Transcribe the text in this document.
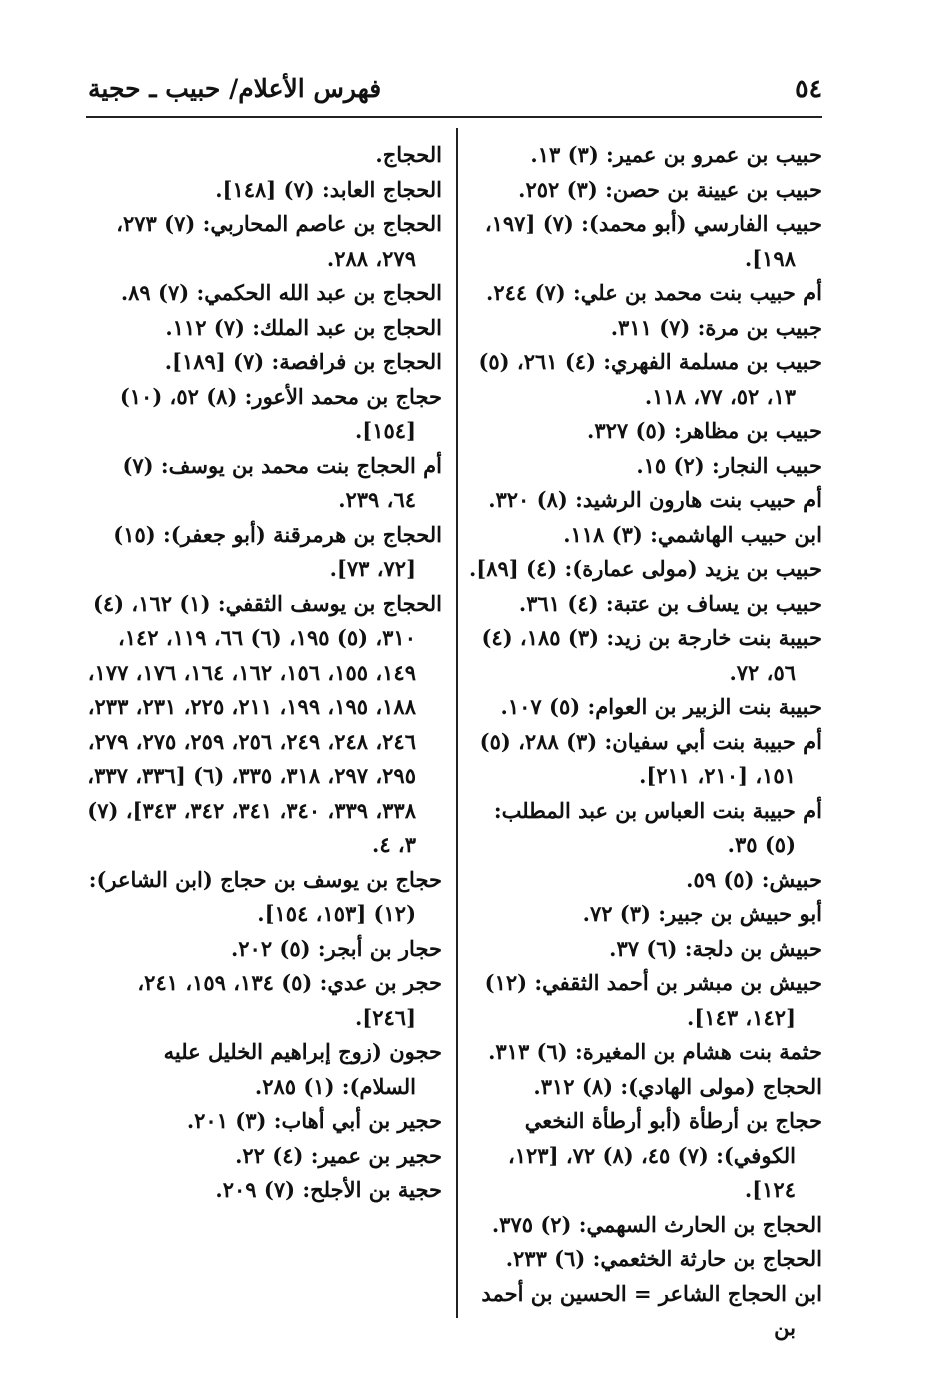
٥٤
فهرس الأعلام/ حبيب ـ حجية
حبيب بن عمرو بن عمير: (٣) ١٣.
حبيب بن عيينة بن حصن: (٣) ٢٥٢.
حبيب الفارسي (أبو محمد): (٧) [١٩٧، ١٩٨].
أم حبيب بنت محمد بن علي: (٧) ٢٤٤.
جبيب بن مرة: (٧) ٣١١.
حبيب بن مسلمة الفهري: (٤) ٢٦١، (٥) ١٣، ٥٢، ٧٧، ١١٨.
حبيب بن مظاهر: (٥) ٣٢٧.
حبيب النجار: (٢) ١٥.
أم حبيب بنت هارون الرشيد: (٨) ٣٢٠.
ابن حبيب الهاشمي: (٣) ١١٨.
حبيب بن يزيد (مولى عمارة): (٤) [٨٩].
حبيب بن يساف بن عتبة: (٤) ٣٦١.
حبيبة بنت خارجة بن زيد: (٣) ١٨٥، (٤) ٥٦، ٧٢.
حبيبة بنت الزبير بن العوام: (٥) ١٠٧.
أم حبيبة بنت أبي سفيان: (٣) ٢٨٨، (٥) ١٥١، [٢١٠، ٢١١].
أم حبيبة بنت العباس بن عبد المطلب: (٥) ٣٥.
حبيش: (٥) ٥٩.
أبو حبيش بن جبير: (٣) ٧٢.
حبيش بن دلجة: (٦) ٣٧.
حبيش بن مبشر بن أحمد الثقفي: (١٢) [١٤٢، ١٤٣].
حثمة بنت هشام بن المغيرة: (٦) ٣١٣.
الحجاج (مولى الهادي): (٨) ٣١٢.
حجاج بن أرطأة (أبو أرطأة النخعي الكوفي): (٧) ٤٥، (٨) ٧٢، [١٢٣، ١٢٤].
الحجاج بن الحارث السهمي: (٢) ٣٧٥.
الحجاج بن حارثة الخثعمي: (٦) ٢٣٣.
ابن الحجاج الشاعر = الحسين بن أحمد بن
الحجاج.
الحجاج العابد: (٧) [١٤٨].
الحجاج بن عاصم المحاربي: (٧) ٢٧٣، ٢٧٩، ٢٨٨.
الحجاج بن عبد الله الحكمي: (٧) ٨٩.
الحجاج بن عبد الملك: (٧) ١١٢.
الحجاج بن فرافصة: (٧) [١٨٩].
حجاج بن محمد الأعور: (٨) ٥٢، (١٠) [١٥٤].
أم الحجاج بنت محمد بن يوسف: (٧) ٦٤، ٢٣٩.
الحجاج بن هرمرقنة (أبو جعفر): (١٥) [٧٢، ٧٣].
الحجاج بن يوسف الثقفي: (١) ١٦٢، (٤) ٣١٠، (٥) ١٩٥، (٦) ٦٦، ١١٩، ١٤٢، ١٤٩، ١٥٥، ١٥٦، ١٦٢، ١٦٤، ١٧٦، ١٧٧، ١٨٨، ١٩٥، ١٩٩، ٢١١، ٢٢٥، ٢٣١، ٢٣٣، ٢٤٦، ٢٤٨، ٢٤٩، ٢٥٦، ٢٥٩، ٢٧٥، ٢٧٩، ٢٩٥، ٢٩٧، ٣١٨، ٣٣٥، (٦) [٣٣٦، ٣٣٧، ٣٣٨، ٣٣٩، ٣٤٠، ٣٤١، ٣٤٢، ٣٤٣]، (٧) ٣، ٤.
حجاج بن يوسف بن حجاج (ابن الشاعر): (١٢) [١٥٣، ١٥٤].
حجار بن أبجر: (٥) ٢٠٢.
حجر بن عدي: (٥) ١٣٤، ١٥٩، ٢٤١، [٢٤٦].
حجون (زوج إبراهيم الخليل عليه السلام): (١) ٢٨٥.
حجير بن أبي أهاب: (٣) ٢٠١.
حجير بن عمير: (٤) ٢٢.
حجية بن الأجلح: (٧) ٢٠٩.
